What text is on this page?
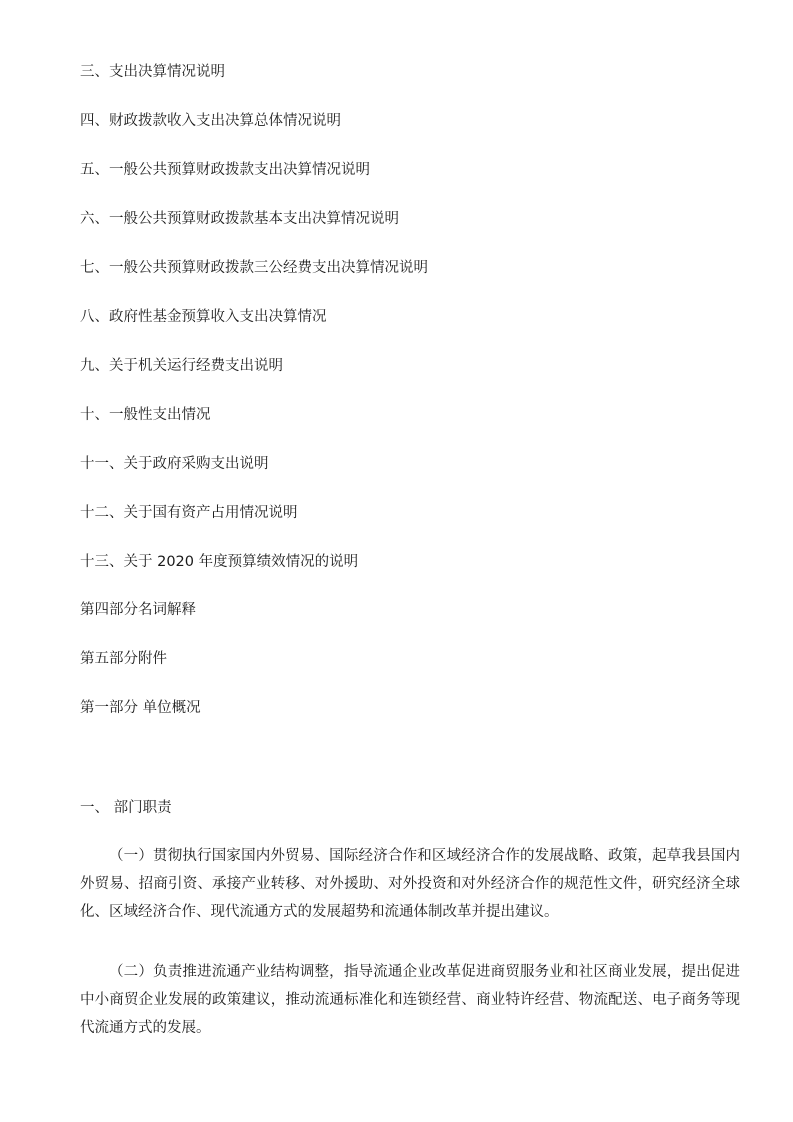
三、支出决算情况说明
四、财政拨款收入支出决算总体情况说明
五、一般公共预算财政拨款支出决算情况说明
六、一般公共预算财政拨款基本支出决算情况说明
七、一般公共预算财政拨款三公经费支出决算情况说明
八、政府性基金预算收入支出决算情况
九、关于机关运行经费支出说明
十、一般性支出情况
十一、关于政府采购支出说明
十二、关于国有资产占用情况说明
十三、关于 2020 年度预算绩效情况的说明
第四部分名词解释
第五部分附件
第一部分 单位概况
一、 部门职责
（一）贯彻执行国家国内外贸易、国际经济合作和区域经济合作的发展战略、政策，起草我县国内外贸易、招商引资、承接产业转移、对外援助、对外投资和对外经济合作的规范性文件，研究经济全球化、区域经济合作、现代流通方式的发展超势和流通体制改革并提出建议。
（二）负责推进流通产业结构调整，指导流通企业改革促进商贸服务业和社区商业发展，提出促进中小商贸企业发展的政策建议，推动流通标准化和连锁经营、商业特许经营、物流配送、电子商务等现代流通方式的发展。
